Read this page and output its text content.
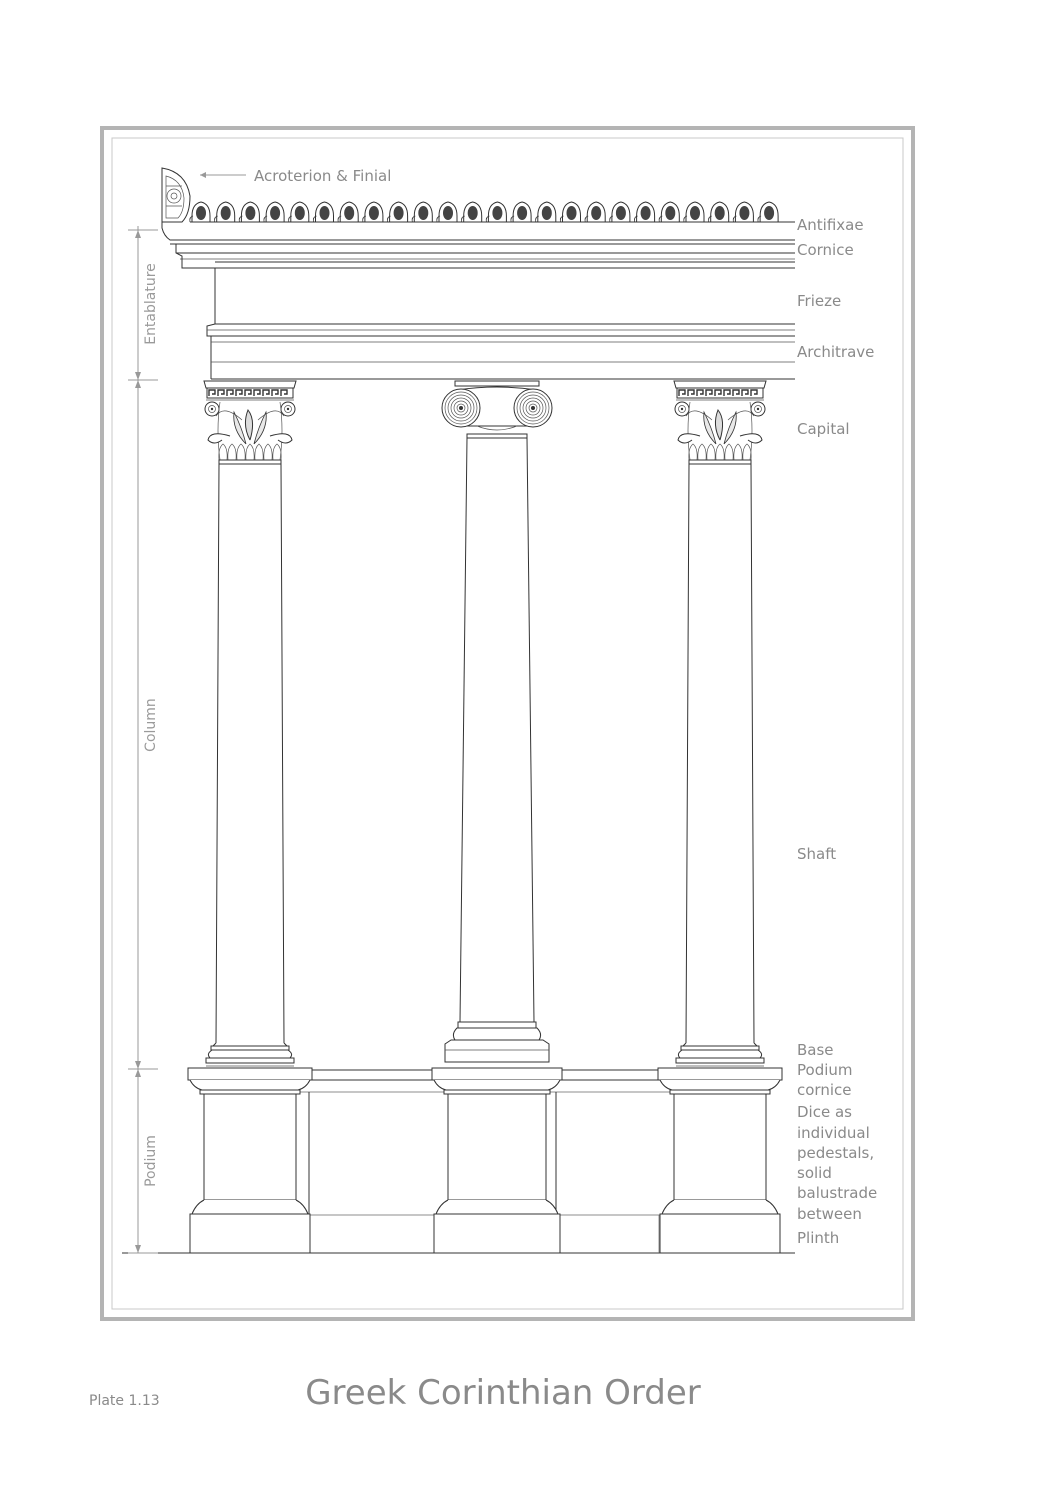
Entablature
Column
Podium
Acroterion & Finial
Antifixae
Cornice
Frieze
Architrave
Capital
Shaft
Base
Podium
cornice
Dice as
individual
pedestals,
solid
balustrade
between
Plinth
Plate 1.13	Greek Corinthian Order
